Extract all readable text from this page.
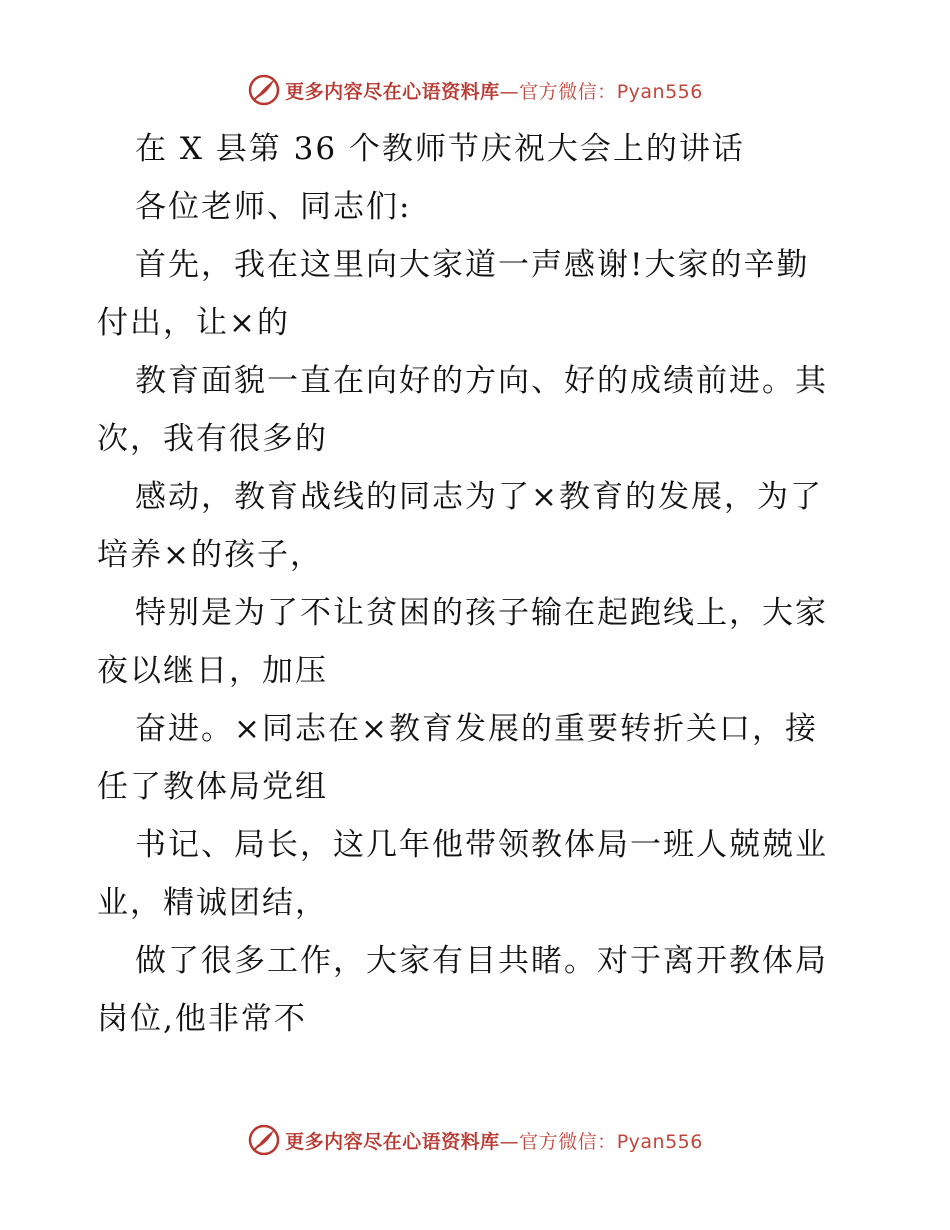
更多内容尽在心语资料库—官方微信：Pyan556
在 X 县第 36 个教师节庆祝大会上的讲话
各位老师、同志们:
首先，我在这里向大家道一声感谢!大家的辛勤
付出，让×的
教育面貌一直在向好的方向、好的成绩前进。其
次，我有很多的
感动，教育战线的同志为了×教育的发展，为了
培养×的孩子，
特别是为了不让贫困的孩子输在起跑线上，大家
夜以继日，加压
奋进。×同志在×教育发展的重要转折关口，接
任了教体局党组
书记、局长，这几年他带领教体局一班人兢兢业
业，精诚团结，
做了很多工作，大家有目共睹。对于离开教体局
岗位,他非常不
更多内容尽在心语资料库—官方微信：Pyan556
